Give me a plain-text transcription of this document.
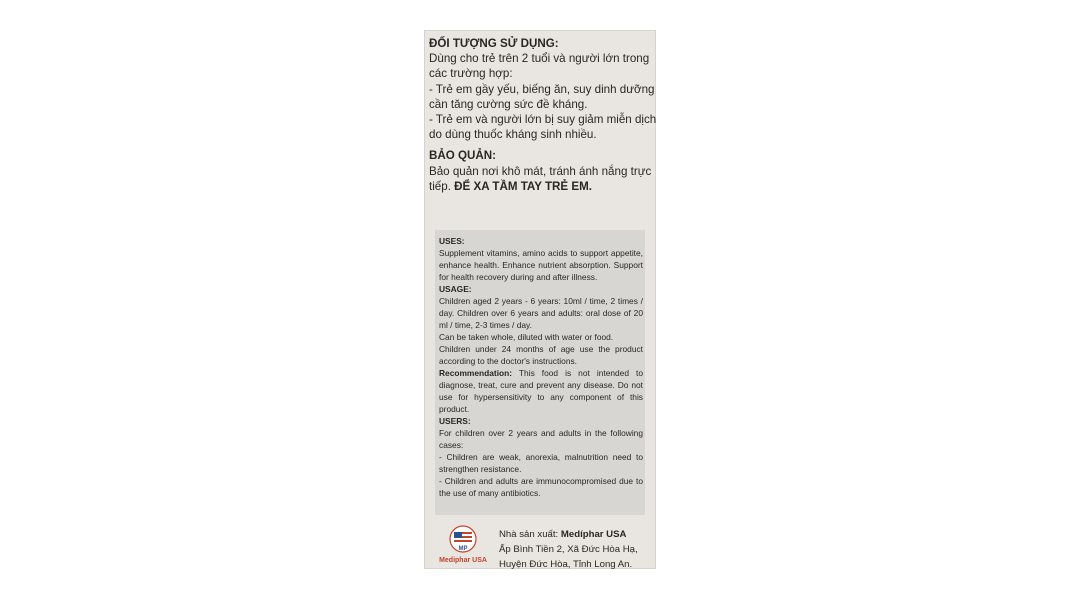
ĐỐI TƯỢNG SỬ DỤNG:

Dùng cho trẻ trên 2 tuổi và người lớn trong

các trường hợp:

- Trẻ em gầy yếu, biếng ăn, suy dinh dưỡng

cần tăng cường sức đề kháng.

- Trẻ em và người lớn bị suy giảm miễn dịch

do dùng thuốc kháng sinh nhiều.

BẢO QUẢN:

Bảo quản nơi khô mát, tránh ánh nắng trực

tiếp. ĐỂ XA TẦM TAY TRẺ EM.

USES:

Supplement vitamins, amino acids to support appetite, enhance health. Enhance nutrient absorption. Support for health recovery during and after illness.

USAGE:

Children aged 2 years - 6 years: 10ml / time, 2 times / day. Children over 6 years and adults: oral dose of 20 ml / time, 2-3 times / day.

Can be taken whole, diluted with water or food.

Children under 24 months of age use the product according to the doctor's instructions.

Recommendation: This food is not intended to diagnose, treat, cure and prevent any disease. Do not use for hypersensitivity to any component of this product.

USERS:

For children over 2 years and adults in the following cases:

- Children are weak, anorexia, malnutrition need to strengthen resistance.

- Children and adults are immunocompromised due to the use of many antibiotics.

MP
Mediphar USA

Nhà sản xuất: Medíphar USA

Ấp Bình Tiền 2, Xã Đức Hòa Hạ,

Huyện Đức Hòa, Tỉnh Long An.
